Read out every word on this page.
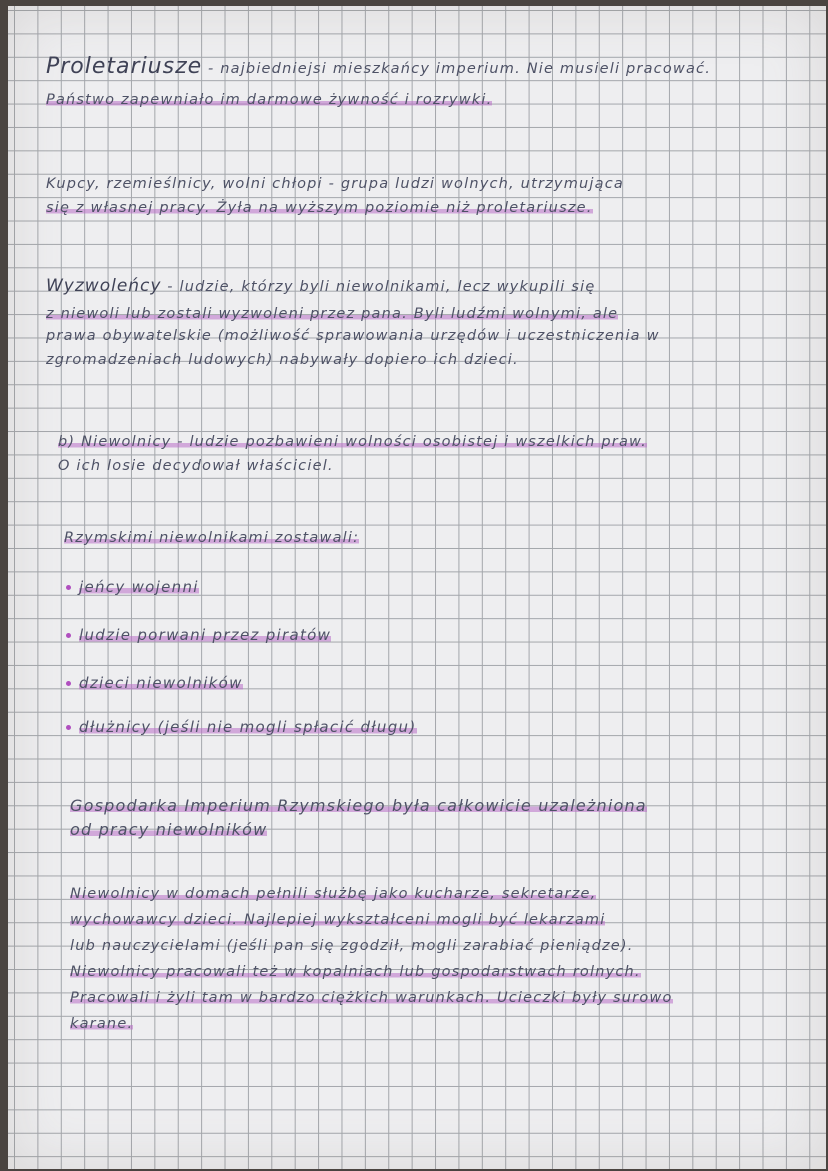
Proletariusze - najbiedniejsi mieszkańcy imperium. Nie musieli pracować.
Państwo zapewniało im darmowe żywność i rozrywki.
Kupcy, rzemieślnicy, wolni chłopi - grupa ludzi wolnych, utrzymująca
się z własnej pracy. Żyła na wyższym poziomie niż proletariusze.
Wyzwoleńcy - ludzie, którzy byli niewolnikami, lecz wykupili się
z niewoli lub zostali wyzwoleni przez pana. Byli ludźmi wolnymi, ale
prawa obywatelskie (możliwość sprawowania urzędów i uczestniczenia w
zgromadzeniach ludowych) nabywały dopiero ich dzieci.
b) Niewolnicy - ludzie pozbawieni wolności osobistej i wszelkich praw.
O ich losie decydował właściciel.
Rzymskimi niewolnikami zostawali:
jeńcy wojenni
ludzie porwani przez piratów
dzieci niewolników
dłużnicy (jeśli nie mogli spłacić długu)
Gospodarka Imperium Rzymskiego była całkowicie uzależniona
od pracy niewolników
Niewolnicy w domach pełnili służbę jako kucharze, sekretarze,
wychowawcy dzieci. Najlepiej wykształceni mogli być lekarzami
lub nauczycielami (jeśli pan się zgodził, mogli zarabiać pieniądze).
Niewolnicy pracowali też w kopalniach lub gospodarstwach rolnych.
Pracowali i żyli tam w bardzo ciężkich warunkach. Ucieczki były surowo
karane.
